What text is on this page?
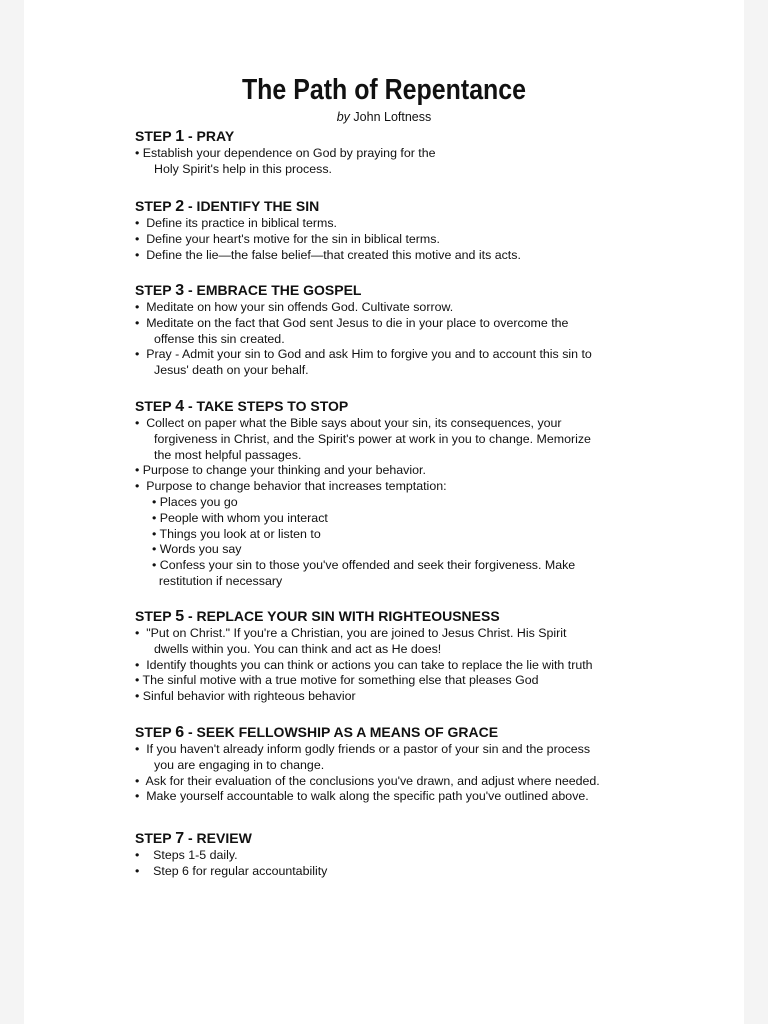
The Path of Repentance
by John Loftness
STEP 1 - PRAY
• Establish your dependence on God by praying for the
Holy Spirit's help in this process.
STEP 2 - IDENTIFY THE SIN
•  Define its practice in biblical terms.
•  Define your heart's motive for the sin in biblical terms.
•  Define the lie—the false belief—that created this motive and its acts.
STEP 3 - EMBRACE THE GOSPEL
•  Meditate on how your sin offends God. Cultivate sorrow.
•  Meditate on the fact that God sent Jesus to die in your place to overcome the
offense this sin created.
•  Pray - Admit your sin to God and ask Him to forgive you and to account this sin to
Jesus' death on your behalf.
STEP 4 - TAKE STEPS TO STOP
•  Collect on paper what the Bible says about your sin, its consequences, your
forgiveness in Christ, and the Spirit's power at work in you to change. Memorize
the most helpful passages.
• Purpose to change your thinking and your behavior.
•  Purpose to change behavior that increases temptation:
• Places you go
• People with whom you interact
• Things you look at or listen to
• Words you say
• Confess your sin to those you've offended and seek their forgiveness. Make
restitution if necessary
STEP 5 - REPLACE YOUR SIN WITH RIGHTEOUSNESS
•  "Put on Christ." If you're a Christian, you are joined to Jesus Christ. His Spirit
dwells within you. You can think and act as He does!
•  Identify thoughts you can think or actions you can take to replace the lie with truth
• The sinful motive with a true motive for something else that pleases God
• Sinful behavior with righteous behavior
STEP 6 - SEEK FELLOWSHIP AS A MEANS OF GRACE
•  If you haven't already inform godly friends or a pastor of your sin and the process
you are engaging in to change.
•  Ask for their evaluation of the conclusions you've drawn, and adjust where needed.
•  Make yourself accountable to walk along the specific path you've outlined above.
STEP 7 - REVIEW
•    Steps 1-5 daily.
•    Step 6 for regular accountability
